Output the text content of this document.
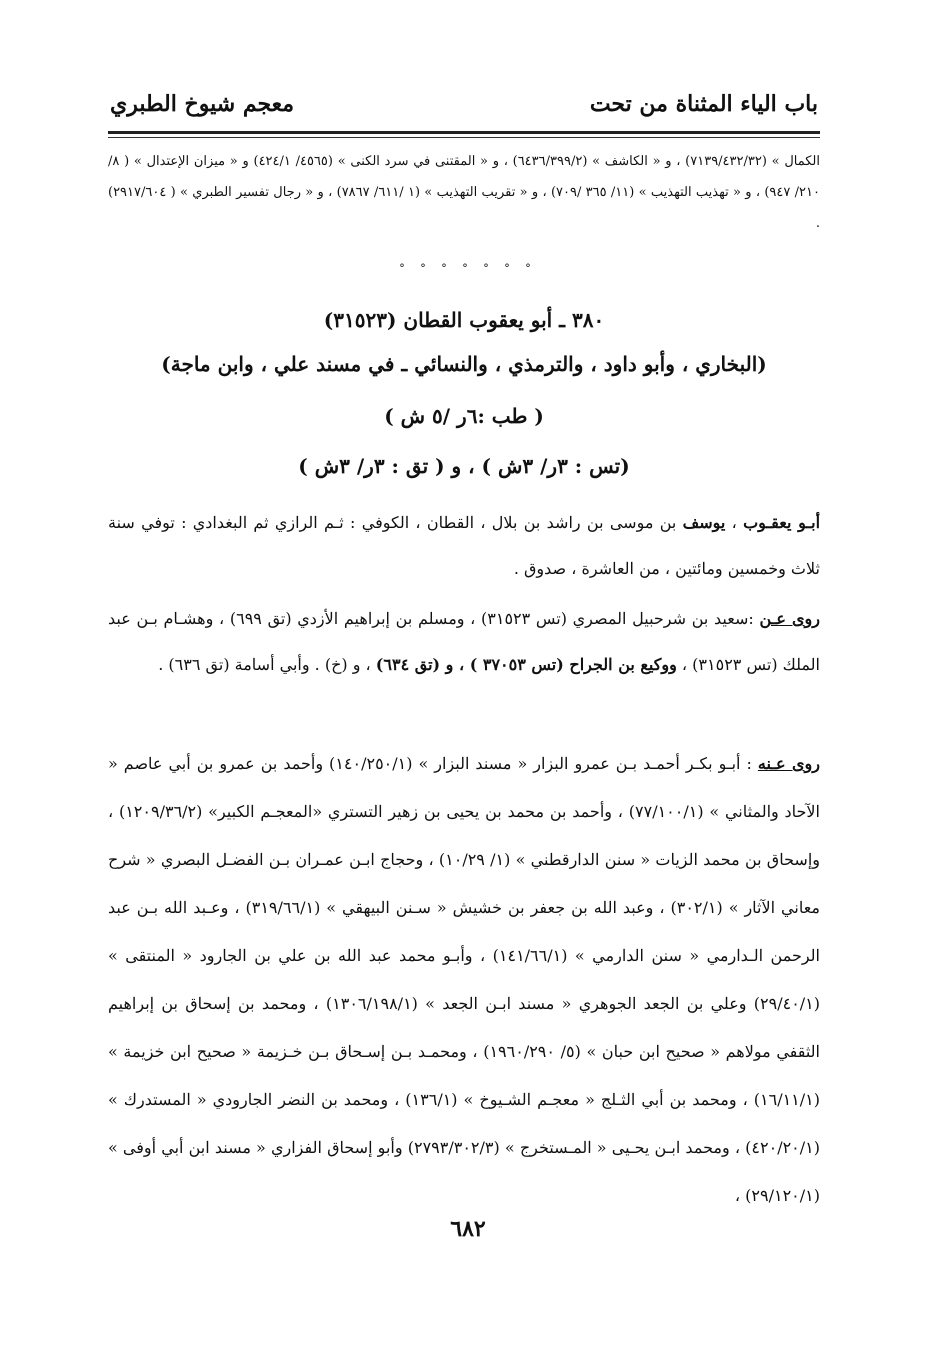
باب الياء المثناة من تحت
معجم شيوخ الطبري

الكمال » (٧١٣٩/٤٣٢/٣٢) ، و « الكاشف » (٦٤٣٦/٣٩٩/٢) ، و « المقتنى في سرد الكنى » (٤٥٦٥/ ٤٢٤/١) و « ميزان الإعتدال » ( ٨/ ٢١٠/ ٩٤٧) ، و « تهذيب التهذيب » (١١/ ٣٦٥ /٧٠٩) ، و « تقريب التهذيب » (١ /٦١١/ ٧٨٦٧) ، و « رجال تفسير الطبري » ( ٢٩١٧/٦٠٤) .

° ° ° ° ° ° °
٣٨٠ ـ أبو يعقوب القطان (٣١٥٢٣)
(البخاري ، وأبو داود ، والترمذي ، والنسائي ـ في مسند علي ، وابن ماجة)
( طب :٦ر /٥ ش )
(تس : ٣ر/ ٣ش ) ، و ( تق : ٣ر/ ٣ش )

أبـو يعقـوب ، يوسف بن موسى بن راشد بن بلال ، القطان ، الكوفي : ثـم الرازي ثم البغدادي : توفي سنة ثلاث وخمسين ومائتين ، من العاشرة ، صدوق .

روى عـن :سعيد بن شرحبيل المصري (تس ٣١٥٢٣) ، ومسلم بن إبراهيم الأزدي (تق ٦٩٩) ، وهشـام بـن عبد الملك (تس ٣١٥٢٣) ، ووكيع بن الجراح (تس ٣٧٠٥٣ ) ، و (تق ٦٣٤) ، و (خ) . وأبي أسامة (تق ٦٣٦) .

روى عـنه : أبـو بكـر أحمـد بـن عمرو البزار « مسند البزار » (١٤٠/٢٥٠/١) وأحمد بن عمرو بن أبي عاصم « الآحاد والمثاني » (٧٧/١٠٠/١) ، وأحمد بن محمد بن يحيى بن زهير التستري «المعجـم الكبير» (١٢٠٩/٣٦/٢) ، وإسحاق بن محمد الزيات « سنن الدارقطني » (١/ ١٠/٢٩) ، وحجاج ابـن عمـران بـن الفضـل البصري « شرح معاني الآثار » (٣٠٢/١) ، وعبد الله بن جعفر بن خشيش « سـنن البيهقي » (٣١٩/٦٦/١) ، وعـبد الله بـن عبد الرحمن الـدارمي « سنن الدارمي » (١٤١/٦٦/١) ، وأبـو محمد عبد الله بن علي بن الجارود « المنتقى » (٢٩/٤٠/١) وعلي بن الجعد الجوهري « مسند ابـن الجعد » (١٣٠٦/١٩٨/١) ، ومحمد بن إسحاق بن إبراهيم الثقفي مولاهم « صحيح ابن حبان » (٥/ ١٩٦٠/٢٩٠) ، ومحمـد بـن إسـحاق بـن خـزيمة « صحيح ابن خزيمة » (١٦/١١/١) ، ومحمد بن أبي الثـلج « معجـم الشـيوخ » (١٣٦/١) ، ومحمد بن النضر الجارودي « المستدرك » (٤٢٠/٢٠/١) ، ومحمد ابـن يحـيى « المـستخرج » (٢٧٩٣/٣٠٢/٣) وأبو إسحاق الفزاري « مسند ابن أبي أوفى » (٢٩/١٢٠/١) ،

٦٨٢
